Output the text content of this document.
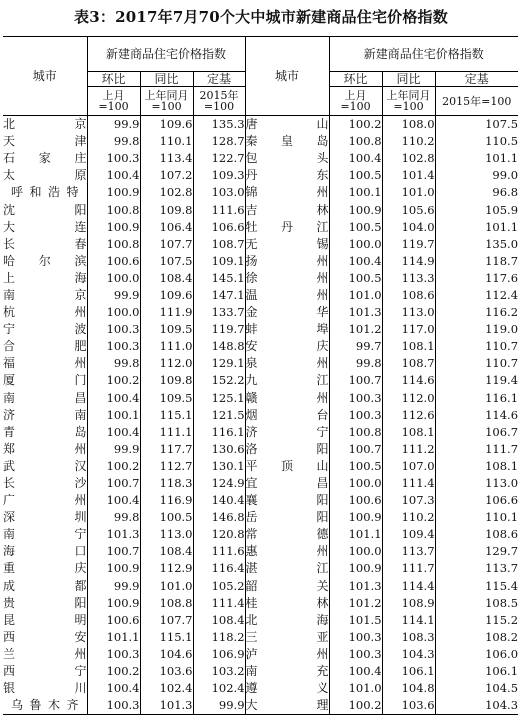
表3：2017年7月70个大中城市新建商品住宅价格指数
城市	新建商品住宅价格指数			城市	新建商品住宅价格指数		
	环比	同比	定基		环比	同比	定基
	上月=100	上年同月=100	2015年=100		上月=100	上年同月=100	2015年=100
北京	99.9	109.6	135.3	唐山	100.2	108.0	107.5
天津	99.8	110.1	128.7	秦皇岛	100.8	110.2	110.5
石家庄	100.3	113.4	122.7	包头	100.4	102.8	101.1
太原	100.4	107.2	109.3	丹东	100.5	101.4	99.0
呼和浩特	100.9	102.8	103.0	锦州	100.1	101.0	96.8
沈阳	100.8	109.8	111.6	吉林	100.9	105.6	105.9
大连	100.9	106.4	106.6	牡丹江	100.5	104.0	101.1
长春	100.8	107.7	108.7	无锡	100.0	119.7	135.0
哈尔滨	100.6	107.5	109.1	扬州	100.4	114.9	118.7
上海	100.0	108.4	145.1	徐州	100.5	113.3	117.6
南京	99.9	109.6	147.1	温州	101.0	108.6	112.4
杭州	100.0	111.9	133.7	金华	101.3	113.0	116.2
宁波	100.3	109.5	119.7	蚌埠	101.2	117.0	119.0
合肥	100.3	111.0	148.8	安庆	99.7	108.1	110.7
福州	99.8	112.0	129.1	泉州	99.8	108.7	110.7
厦门	100.2	109.8	152.2	九江	100.7	114.6	119.4
南昌	100.4	109.5	125.1	赣州	100.3	112.0	116.1
济南	100.1	115.1	121.5	烟台	100.3	112.6	114.6
青岛	100.4	111.1	116.1	济宁	100.8	108.1	106.7
郑州	99.9	117.7	130.6	洛阳	100.7	111.2	111.7
武汉	100.2	112.7	130.1	平顶山	100.5	107.0	108.1
长沙	100.7	118.3	124.9	宜昌	100.0	111.4	113.0
广州	100.4	116.9	140.4	襄阳	100.6	107.3	106.6
深圳	99.8	100.5	146.8	岳阳	100.9	110.2	110.1
南宁	101.3	113.0	120.8	常德	101.1	109.4	108.6
海口	100.7	108.4	111.6	惠州	100.0	113.7	129.7
重庆	100.9	112.9	116.4	湛江	100.9	111.7	113.7
成都	99.9	101.0	105.2	韶关	101.3	114.4	115.4
贵阳	100.9	108.8	111.4	桂林	101.2	108.9	108.5
昆明	100.6	107.7	108.4	北海	101.5	114.1	115.2
西安	101.1	115.1	118.2	三亚	100.3	108.3	108.2
兰州	100.3	104.6	106.9	泸州	100.3	104.3	106.0
西宁	100.2	103.6	103.2	南充	100.4	106.1	106.1
银川	100.4	102.4	102.4	遵义	101.0	104.8	104.5
乌鲁木齐	100.3	101.3	99.9	大理	100.2	103.6	104.3
